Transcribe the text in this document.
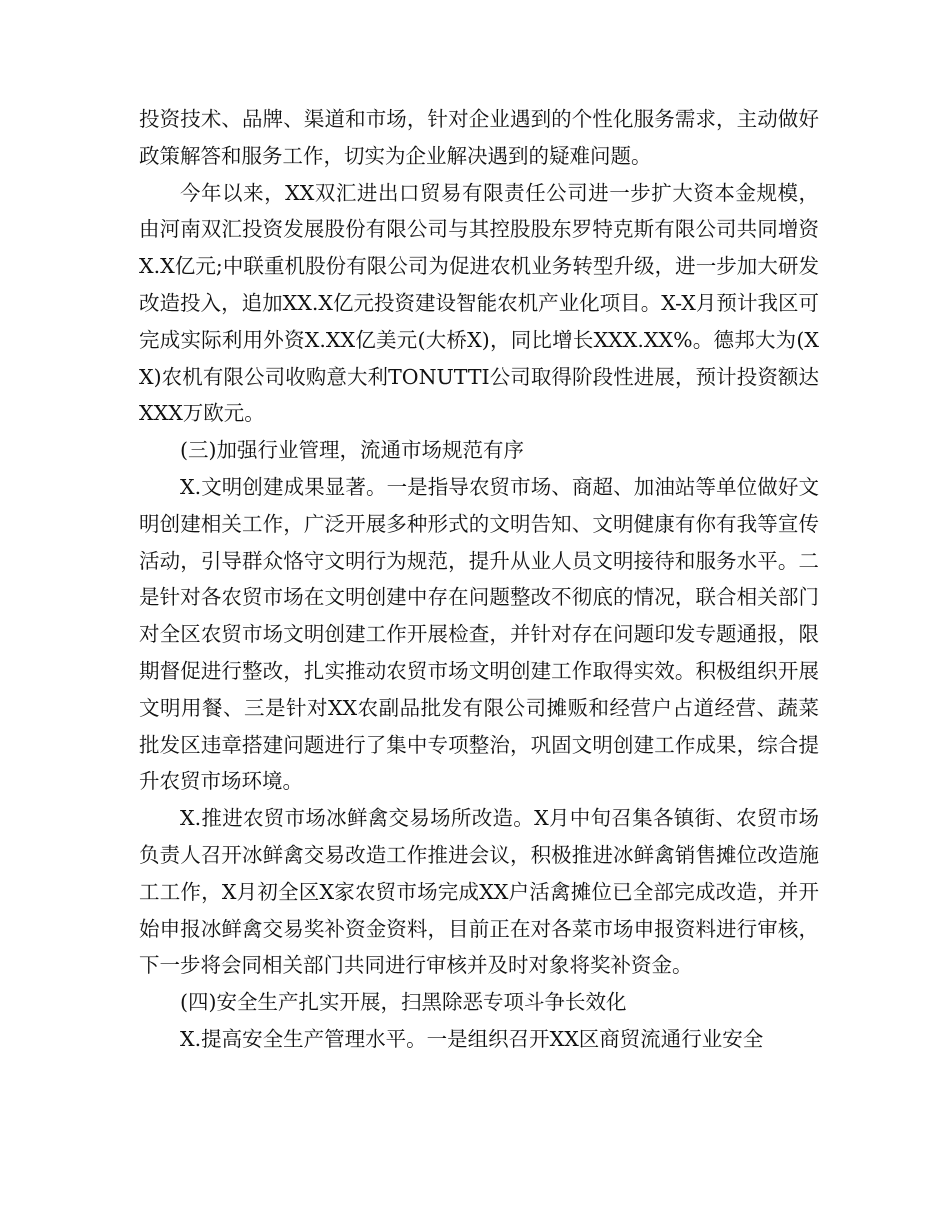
投资技术、品牌、渠道和市场，针对企业遇到的个性化服务需求，主动做好政策解答和服务工作，切实为企业解决遇到的疑难问题。

今年以来，XX双汇进出口贸易有限责任公司进一步扩大资本金规模，由河南双汇投资发展股份有限公司与其控股股东罗特克斯有限公司共同增资X.X亿元;中联重机股份有限公司为促进农机业务转型升级，进一步加大研发改造投入，追加XX.X亿元投资建设智能农机产业化项目。X-X月预计我区可完成实际利用外资X.XX亿美元(大桥X)，同比增长XXX.XX%。德邦大为(XX)农机有限公司收购意大利TONUTTI公司取得阶段性进展，预计投资额达XXX万欧元。

(三)加强行业管理，流通市场规范有序

X.文明创建成果显著。一是指导农贸市场、商超、加油站等单位做好文明创建相关工作，广泛开展多种形式的文明告知、文明健康有你有我等宣传活动，引导群众恪守文明行为规范，提升从业人员文明接待和服务水平。二是针对各农贸市场在文明创建中存在问题整改不彻底的情况，联合相关部门对全区农贸市场文明创建工作开展检查，并针对存在问题印发专题通报，限期督促进行整改，扎实推动农贸市场文明创建工作取得实效。积极组织开展文明用餐、三是针对XX农副品批发有限公司摊贩和经营户占道经营、蔬菜批发区违章搭建问题进行了集中专项整治，巩固文明创建工作成果，综合提升农贸市场环境。

X.推进农贸市场冰鲜禽交易场所改造。X月中旬召集各镇街、农贸市场负责人召开冰鲜禽交易改造工作推进会议，积极推进冰鲜禽销售摊位改造施工工作，X月初全区X家农贸市场完成XX户活禽摊位已全部完成改造，并开始申报冰鲜禽交易奖补资金资料，目前正在对各菜市场申报资料进行审核，下一步将会同相关部门共同进行审核并及时对象将奖补资金。

(四)安全生产扎实开展，扫黑除恶专项斗争长效化

X.提高安全生产管理水平。一是组织召开XX区商贸流通行业安全
